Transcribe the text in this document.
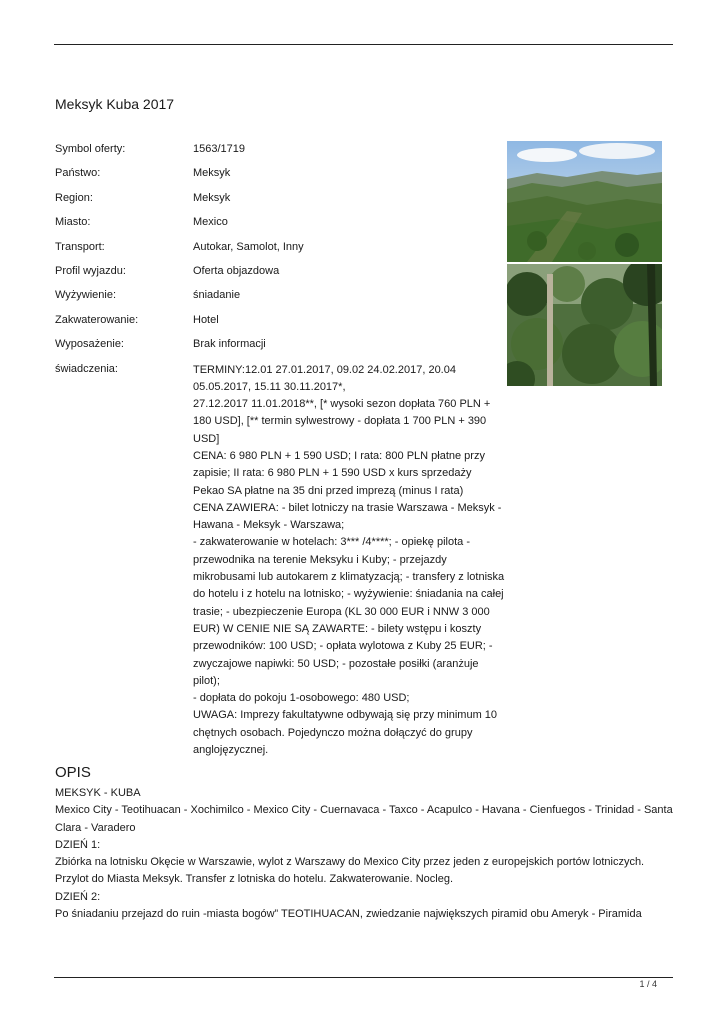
Meksyk Kuba 2017
Symbol oferty:	1563/1719
Państwo:	Meksyk
Region:	Meksyk
Miasto:	Mexico
Transport:	Autokar, Samolot, Inny
Profil wyjazdu:	Oferta objazdowa
Wyżywienie:	śniadanie
Zakwaterowanie:	Hotel
Wyposażenie:	Brak informacji
świadczenia:	TERMINY:12.01 27.01.2017, 09.02 24.02.2017, 20.04 05.05.2017, 15.11 30.11.2017*,

27.12.2017 11.01.2018**, [* wysoki sezon dopłata 760 PLN + 180 USD], [** termin sylwestrowy - dopłata 1 700 PLN + 390 USD]

CENA: 6 980 PLN + 1 590 USD; I rata: 800 PLN płatne przy zapisie; II rata: 6 980 PLN + 1 590 USD x kurs sprzedaży Pekao SA płatne na 35 dni przed imprezą (minus I rata)

CENA ZAWIERA: - bilet lotniczy na trasie Warszawa - Meksyk - Hawana - Meksyk - Warszawa;

- zakwaterowanie w hotelach: 3*** /4****; - opiekę pilota - przewodnika na terenie Meksyku i Kuby; - przejazdy mikrobusami lub autokarem z klimatyzacją; - transfery z lotniska do hotelu i z hotelu na lotnisko; - wyżywienie: śniadania na całej trasie; - ubezpieczenie Europa (KL 30 000 EUR i NNW 3 000 EUR) W CENIE NIE SĄ ZAWARTE: - bilety wstępu i koszty przewodników: 100 USD; - opłata wylotowa z Kuby 25 EUR; - zwyczajowe napiwki: 50 USD; - pozostałe posiłki (aranżuje pilot);

- dopłata do pokoju 1-osobowego: 480 USD;

UWAGA: Imprezy fakultatywne odbywają się przy minimum 10 chętnych osobach. Pojedynczo można dołączyć do grupy anglojęzycznej.

OPIS

MEKSYK - KUBA

Mexico City - Teotihuacan - Xochimilco - Mexico City - Cuernavaca - Taxco - Acapulco - Havana - Cienfuegos - Trinidad - Santa Clara - Varadero

DZIEŃ 1:

Zbiórka na lotnisku Okęcie w Warszawie, wylot z Warszawy do Mexico City przez jeden z europejskich portów lotniczych.

Przylot do Miasta Meksyk. Transfer z lotniska do hotelu. Zakwaterowanie. Nocleg.

DZIEŃ 2:

Po śniadaniu przejazd do ruin -miasta bogów” TEOTIHUACAN, zwiedzanie największych piramid obu Ameryk - Piramida

1 / 4
